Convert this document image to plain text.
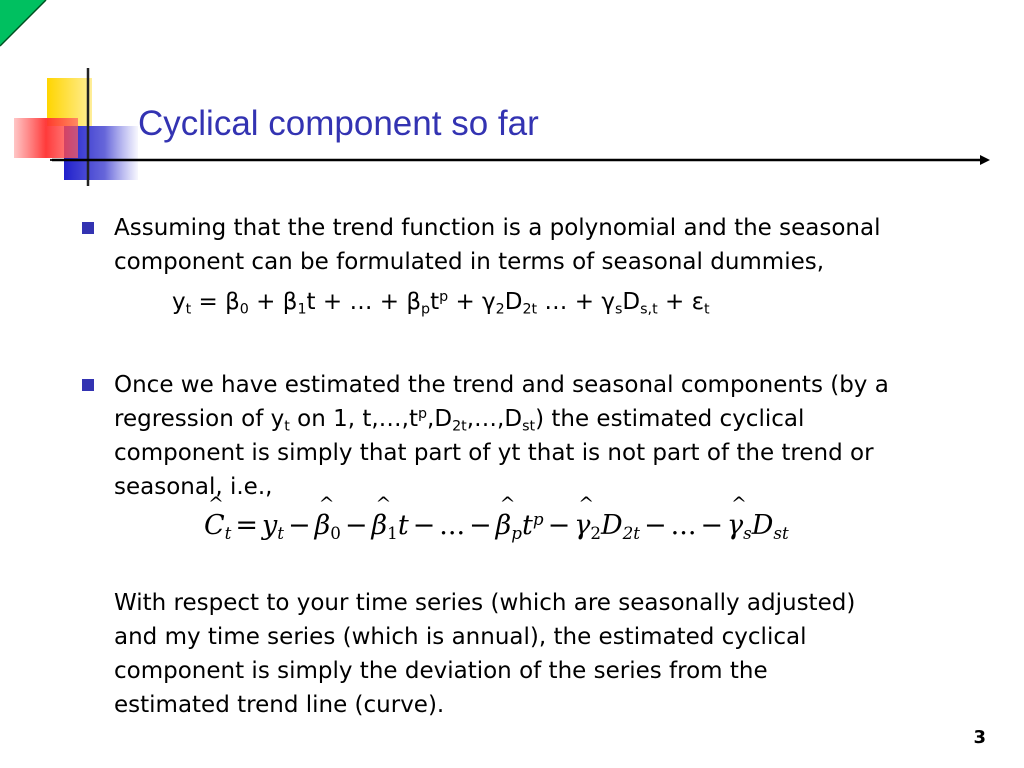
Cyclical component so far
Assuming that the trend function is a polynomial and the seasonal
component can be formulated in terms of seasonal dummies,
$y_t = \beta_0 + \beta_1t$ + … + $\beta_pt^p + \gamma_2D_{2t}$ … + $\gamma_sD_{s,t} + \varepsilon_t$
Once we have estimated the trend and seasonal components (by a
regression of $y_t$ on 1, $t,\dots,t^p,D_{2t},\dots,D_{st}$) the estimated cyclical
component is simply that part of yt that is not part of the trend or
seasonal, i.e.,
C $\^{}_t = y_t - \beta$ $\^{}_0 - \beta$ $\^{}_1t$ − ... − β $\^{}_pt^p - \gamma$ $\^{}_2D_{2t}$ − ... − γ $\^{}_sD_{st}$
With respect to your time series (which are seasonally adjusted)
and my time series (which is annual), the estimated cyclical
component is simply the deviation of the series from the
estimated trend line (curve).
3
